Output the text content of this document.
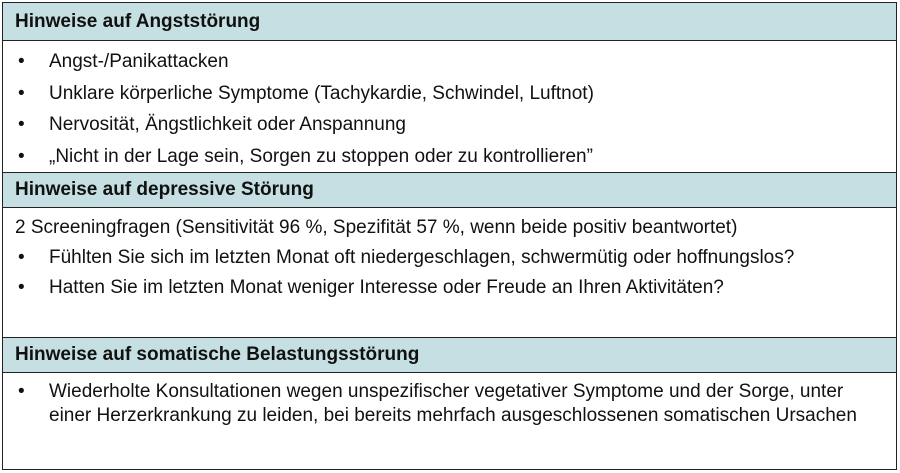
Hinweise auf Angststörung
• Angst-/Panikattacken
• Unklare körperliche Symptome (Tachykardie, Schwindel, Luftnot)
• Nervosität, Ängstlichkeit oder Anspannung
• „Nicht in der Lage sein, Sorgen zu stoppen oder zu kontrollieren”
Hinweise auf depressive Störung
2 Screeningfragen (Sensitivität 96 %, Spezifität 57 %, wenn beide positiv beantwortet)
• Fühlten Sie sich im letzten Monat oft niedergeschlagen, schwermütig oder hoffnungslos?
• Hatten Sie im letzten Monat weniger Interesse oder Freude an Ihren Aktivitäten?
Hinweise auf somatische Belastungsstörung
• Wiederholte Konsultationen wegen unspezifischer vegetativer Symptome und der Sorge, unter einer Herzerkrankung zu leiden, bei bereits mehrfach ausgeschlossenen somatischen Ursachen
